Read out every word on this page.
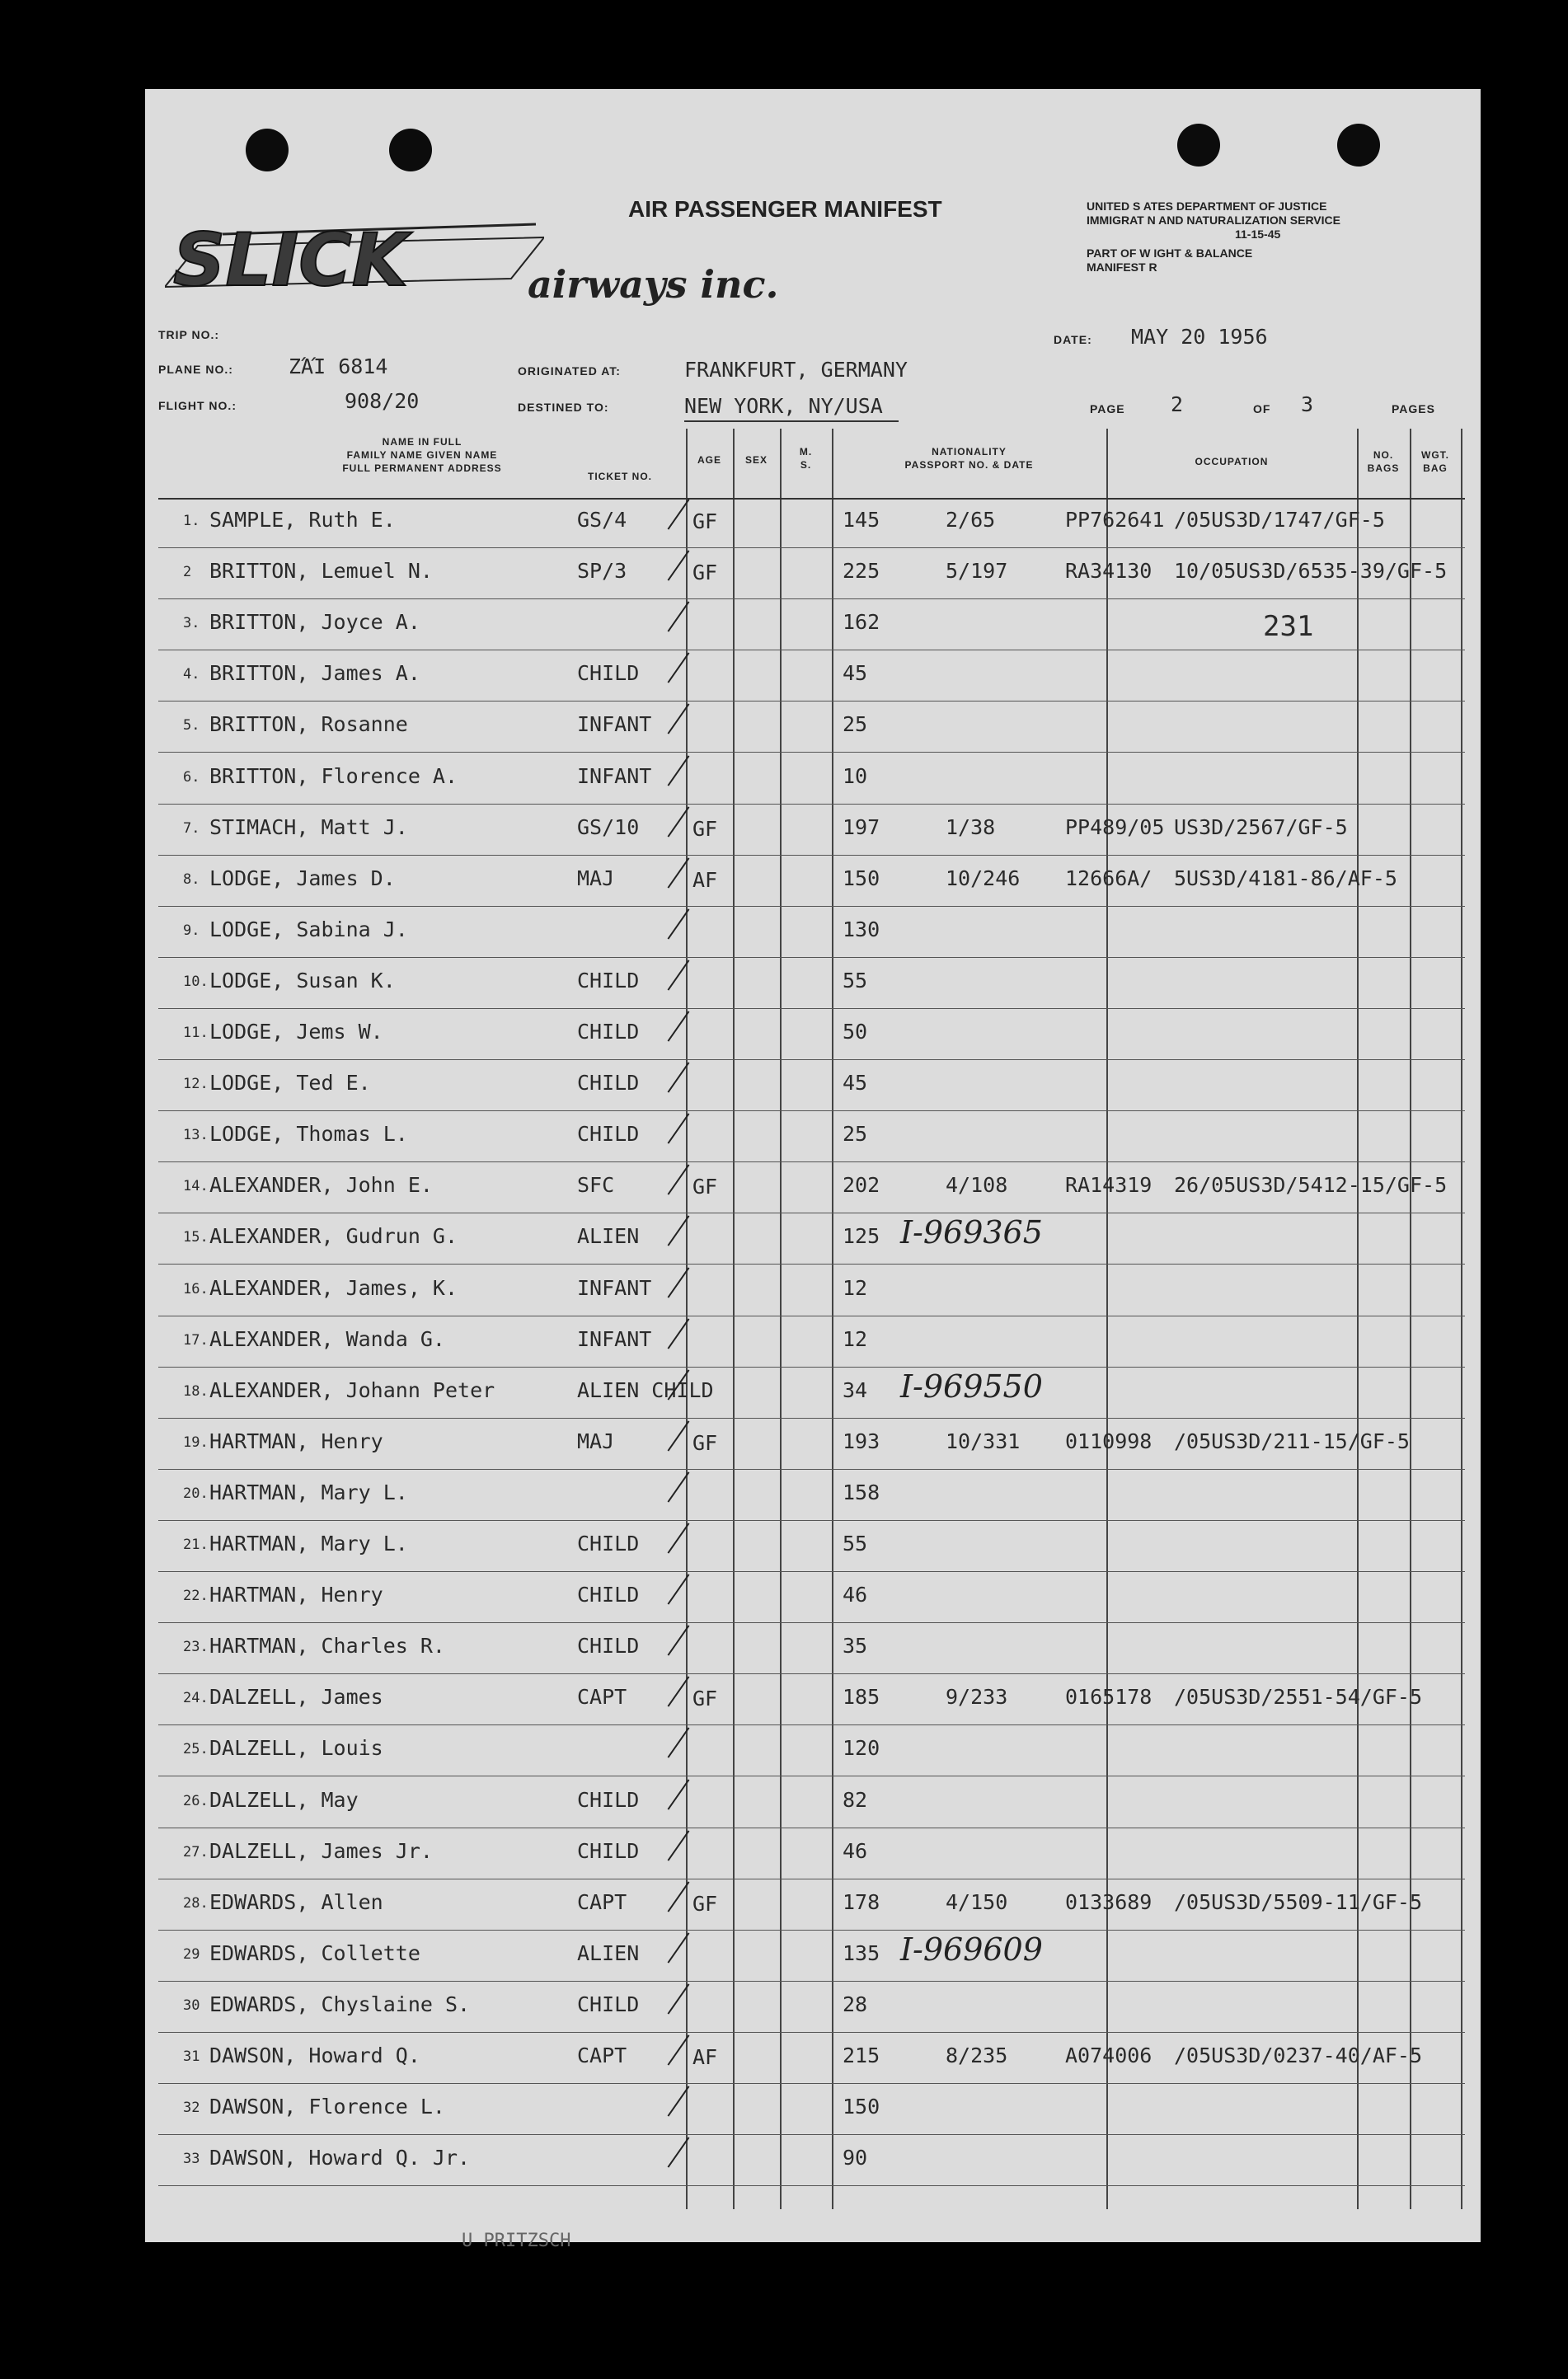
SLICK	airways inc.
AIR PASSENGER MANIFEST	UNITED S ATES DEPARTMENT OF JUSTICE
IMMIGRAT N AND NATURALIZATION SERVICE
11-15-45
PART OF W IGHT & BALANCE
MANIFEST R
TRIP NO.:
PLANE NO.:	ΖΆΊ 6814
FLIGHT NO.:	908/20
ORIGINATED AT:	FRANKFURT, GERMANY
DESTINED TO:	NEW YORK, NY/USA
DATE: MAY 20 1956
PAGE 2	OF 3	PAGES
NAME IN FULL
FAMILY NAME GIVEN NAME
FULL PERMANENT ADDRESS
TICKET NO.
AGE	SEX
M.
S.
NATIONALITY
PASSPORT NO. & DATE	OCCUPATION
NO.
BAGS
WGT.
BAG
1. SAMPLE, Ruth E.	GS/4	GF	145	2/65	PP762641 /05US3D/1747/GF-5
2 BRITTON, Lemuel N.	SP/3	GF	225	5/197	RA34130 10/05US3D/6535-39/GF-5
3. BRITTON, Joyce A.	162	231
4. BRITTON, James A.	CHILD	45
5. BRITTON, Rosanne	INFANT	25
6. BRITTON, Florence A.	INFANT	10
7. STIMACH, Matt J.	GS/10	GF	197	1/38	PP489/05 US3D/2567/GF-5
8. LODGE, James D.	MAJ	AF	150	10/246 12666A/ 5US3D/4181-86/AF-5
9. LODGE, Sabina J.	130
10. LODGE, Susan K.	CHILD	55
11. LODGE, Jems W.	CHILD	50
12. LODGE, Ted E.	CHILD	45
13. LODGE, Thomas L.	CHILD	25
14. ALEXANDER, John E.	SFC	GF	202	4/108	RA14319 26/05US3D/5412-15/GF-5
15. ALEXANDER, Gudrun G.	ALIEN	125 I-969365
16. ALEXANDER, James, K.	INFANT	12
17. ALEXANDER, Wanda G.	INFANT	12
18. ALEXANDER, Johann Peter	ALIEN CHILD	34 I-969550
19. HARTMAN, Henry	MAJ	GF	193	10/331 0110998 /05US3D/211-15/GF-5
20. HARTMAN, Mary L.	158
21. HARTMAN, Mary L.	CHILD	55
22. HARTMAN, Henry	CHILD	46
23. HARTMAN, Charles R.	CHILD	35
24. DALZELL, James	CAPT	GF	185	9/233	0165178 /05US3D/2551-54/GF-5
25. DALZELL, Louis	120
26. DALZELL, May	CHILD	82
27. DALZELL, James Jr.	CHILD	46
28. EDWARDS, Allen	CAPT	GF	178	4/150	0133689 /05US3D/5509-11/GF-5
29 EDWARDS, Collette	ALIEN	135 I-969609
30 EDWARDS, Chyslaine S.	CHILD	28
31 DAWSON, Howard Q.	CAPT	AF	215	8/235	A074006 /05US3D/0237-40/AF-5
32 DAWSON, Florence L.	150
33 DAWSON, Howard Q. Jr.	90
U PRITZSCH
